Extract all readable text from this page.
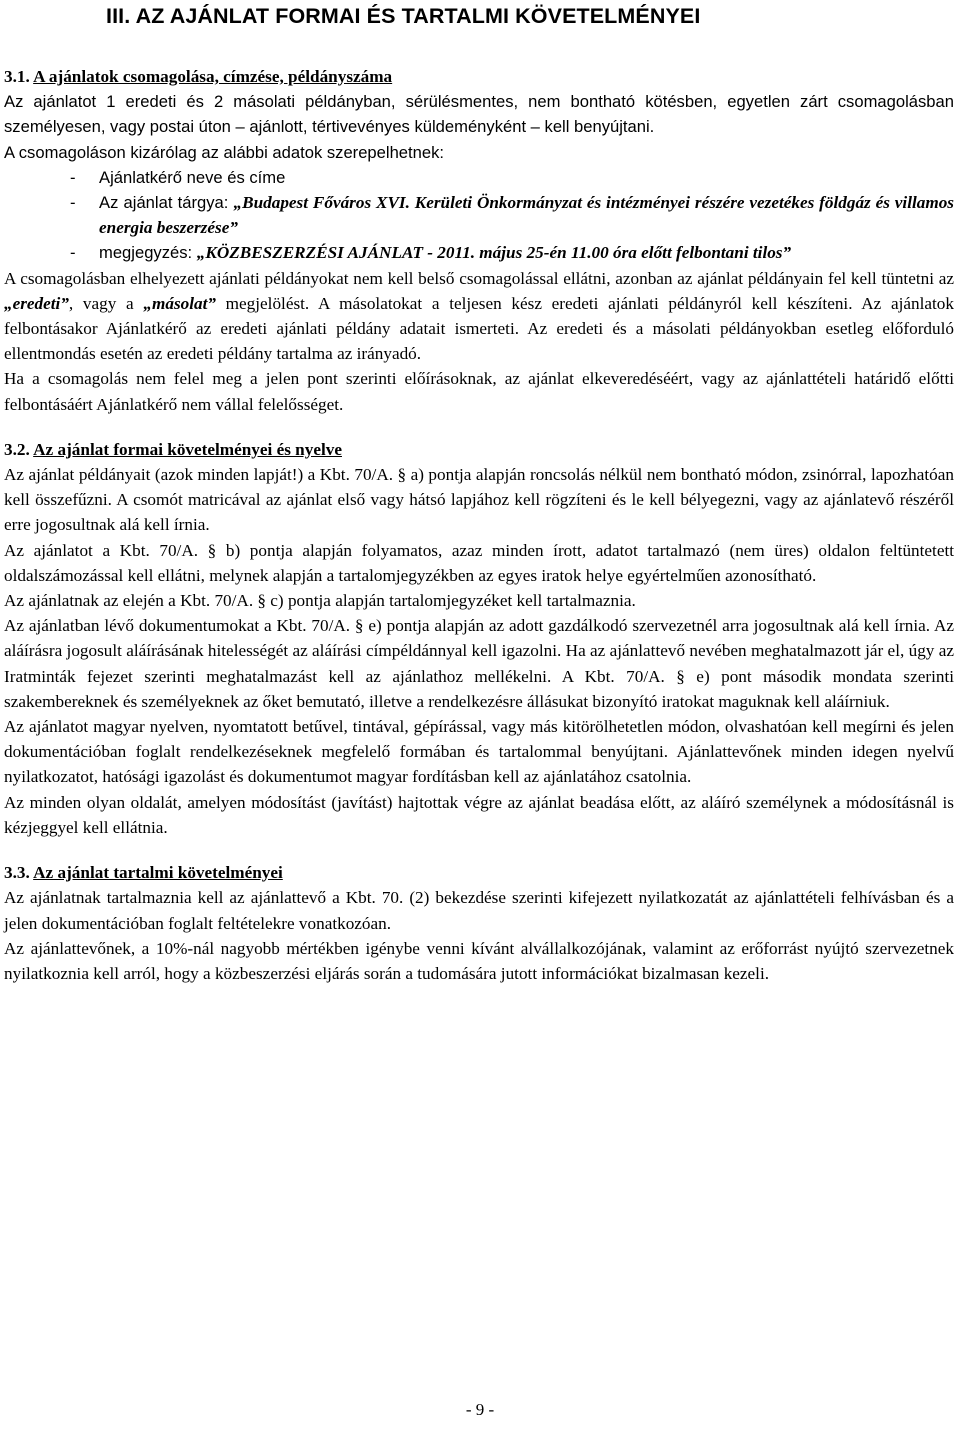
III. AZ AJÁNLAT FORMAI ÉS TARTALMI KÖVETELMÉNYEI

3.1. A ajánlatok csomagolása, címzése, példányszáma

Az ajánlatot 1 eredeti és 2 másolati példányban, sérülésmentes, nem bontható kötésben, egyetlen zárt csomagolásban személyesen, vagy postai úton – ajánlott, tértivevényes küldeményként – kell benyújtani.

A csomagoláson kizárólag az alábbi adatok szerepelhetnek:

- Ajánlatkérő neve és címe
- Az ajánlat tárgya: „Budapest Főváros XVI. Kerületi Önkormányzat és intézményei részére vezetékes földgáz és villamos energia beszerzése”
- megjegyzés: „KÖZBESZERZÉSI AJÁNLAT - 2011. május 25-én 11.00 óra előtt felbontani tilos”

A csomagolásban elhelyezett ajánlati példányokat nem kell belső csomagolással ellátni, azonban az ajánlat példányain fel kell tüntetni az „eredeti”, vagy a „másolat” megjelölést. A másolatokat a teljesen kész eredeti ajánlati példányról kell készíteni. Az ajánlatok felbontásakor Ajánlatkérő az eredeti ajánlati példány adatait ismerteti. Az eredeti és a másolati példányokban esetleg előforduló ellentmondás esetén az eredeti példány tartalma az irányadó.

Ha a csomagolás nem felel meg a jelen pont szerinti előírásoknak, az ajánlat elkeveredéséért, vagy az ajánlattételi határidő előtti felbontásáért Ajánlatkérő nem vállal felelősséget.

3.2. Az ajánlat formai követelményei és nyelve

Az ajánlat példányait (azok minden lapját!) a Kbt. 70/A. § a) pontja alapján roncsolás nélkül nem bontható módon, zsinórral, lapozhatóan kell összefűzni. A csomót matricával az ajánlat első vagy hátsó lapjához kell rögzíteni és le kell bélyegezni, vagy az ajánlatevő részéről erre jogosultnak alá kell írnia.

Az ajánlatot a Kbt. 70/A. § b) pontja alapján folyamatos, azaz minden írott, adatot tartalmazó (nem üres) oldalon feltüntetett oldalszámozással kell ellátni, melynek alapján a tartalomjegyzékben az egyes iratok helye egyértelműen azonosítható.

Az ajánlatnak az elején a Kbt. 70/A. § c) pontja alapján tartalomjegyzéket kell tartalmaznia.

Az ajánlatban lévő dokumentumokat a Kbt. 70/A. § e) pontja alapján az adott gazdálkodó szervezetnél arra jogosultnak alá kell írnia. Az aláírásra jogosult aláírásának hitelességét az aláírási címpéldánnyal kell igazolni. Ha az ajánlattevő nevében meghatalmazott jár el, úgy az Iratminták fejezet szerinti meghatalmazást kell az ajánlathoz mellékelni. A Kbt. 70/A. § e) pont második mondata szerinti szakembereknek és személyeknek az őket bemutató, illetve a rendelkezésre állásukat bizonyító iratokat maguknak kell aláírniuk.

Az ajánlatot magyar nyelven, nyomtatott betűvel, tintával, gépírással, vagy más kitörölhetetlen módon, olvashatóan kell megírni és jelen dokumentációban foglalt rendelkezéseknek megfelelő formában és tartalommal benyújtani. Ajánlattevőnek minden idegen nyelvű nyilatkozatot, hatósági igazolást és dokumentumot magyar fordításban kell az ajánlatához csatolnia.

Az minden olyan oldalát, amelyen módosítást (javítást) hajtottak végre az ajánlat beadása előtt, az aláíró személynek a módosításnál is kézjeggyel kell ellátnia.

3.3. Az ajánlat tartalmi követelményei

Az ajánlatnak tartalmaznia kell az ajánlattevő a Kbt. 70. (2) bekezdése szerinti kifejezett nyilatkozatát az ajánlattételi felhívásban és a jelen dokumentációban foglalt feltételekre vonatkozóan.

Az ajánlattevőnek, a 10%-nál nagyobb mértékben igénybe venni kívánt alvállalkozójának, valamint az erőforrást nyújtó szervezetnek nyilatkoznia kell arról, hogy a közbeszerzési eljárás során a tudomására jutott információkat bizalmasan kezeli.

- 9 -
